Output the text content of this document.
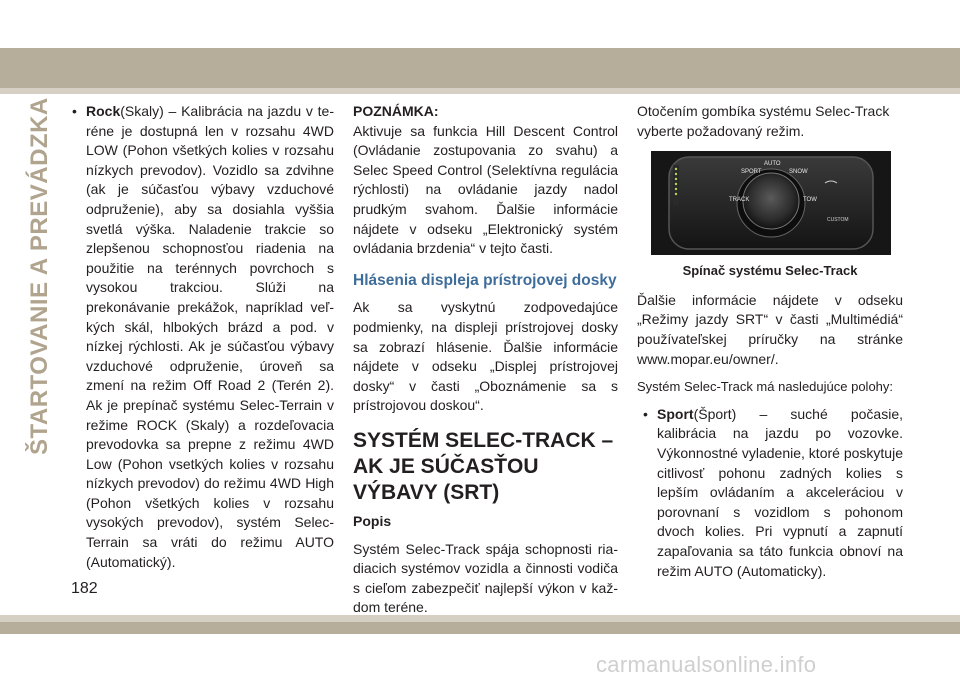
ŠTARTOVANIE A PREVÁDZKA	• Rock(Skaly) – Kalibrácia na jazdu v teréne je dostupná len v rozsahu 4WD LOW (Pohon všetkých kolies v rozsahu nízkych prevodov). Vozidlo sa zdvihne (ak je súčasťou výbavy vzduchové odpruženie), aby sa dosiahla vyššia svetlá výška. Naladenie trakcie so zlepšenou schopnosťou riadenia na použitie na terénnych povrchoch s vysokou trakciou. Slúži na prekonávanie prekážok, napríklad veľkých skál, hlbokých brázd a pod. v nízkej rýchlosti. Ak je súčasťou výbavy vzduchové odpruženie, úroveň sa zmení na režim Off Road 2 (Terén 2). Ak je prepínač systému Selec-Terrain v režime ROCK (Skaly) a rozdeľovacia prevodovka sa prepne z režimu 4WD Low (Pohon vsetkých kolies v rozsahu nízkych prevodov) do režimu 4WD High (Pohon všetkých kolies v rozsahu vysokých prevodov), systém Selec-Terrain sa vráti do režimu AUTO (Automatický).

POZNÁMKA:

Aktivuje sa funkcia Hill Descent Control (Ovládanie zostupovania zo svahu) a Selec Speed Control (Selektívna regulácia rýchlosti) na ovládanie jazdy nadol prudkým svahom. Ďalšie informácie nájdete v odseku „Elektronický systém ovládania brzdenia“ v tejto časti.

Hlásenia displeja prístrojovej dosky

Ak sa vyskytnú zodpovedajúce podmienky, na displeji prístrojovej dosky sa zobrazí hlásenie. Ďalšie informácie nájdete v odseku „Displej prístrojovej dosky“ v časti „Oboznámenie sa s prístrojovou doskou“.

SYSTÉM SELEC-TRACK – AK JE SÚČASŤOU VÝBAVY (SRT)
Popis

Systém Selec-Track spája schopnosti riadiacich systémov vozidla a činnosti vodiča s cieľom zabezpečiť najlepší výkon v každom teréne.

Otočením gombíka systému Selec-Track vyberte požadovaný režim.

SPORT
AUTO
SNOW
TRACK	TOW
CUSTOM
Spínač systému Selec-Track

Ďalšie informácie nájdete v odseku „Režimy jazdy SRT“ v časti „Multimédiá“ používateľskej príručky na stránke www.mopar.eu/owner/.

Systém Selec-Track má nasledujúce polohy:

• Sport(Šport) – suché počasie, kalibrácia na jazdu po vozovke. Výkonnostné vyladenie, ktoré poskytuje citlivosť pohonu zadných kolies s lepším ovládaním a akceleráciou v porovnaní s vozidlom s pohonom dvoch kolies. Pri vypnutí a zapnutí zapaľovania sa táto funkcia obnoví na režim AUTO (Automaticky).

182
carmanualsonline.info
